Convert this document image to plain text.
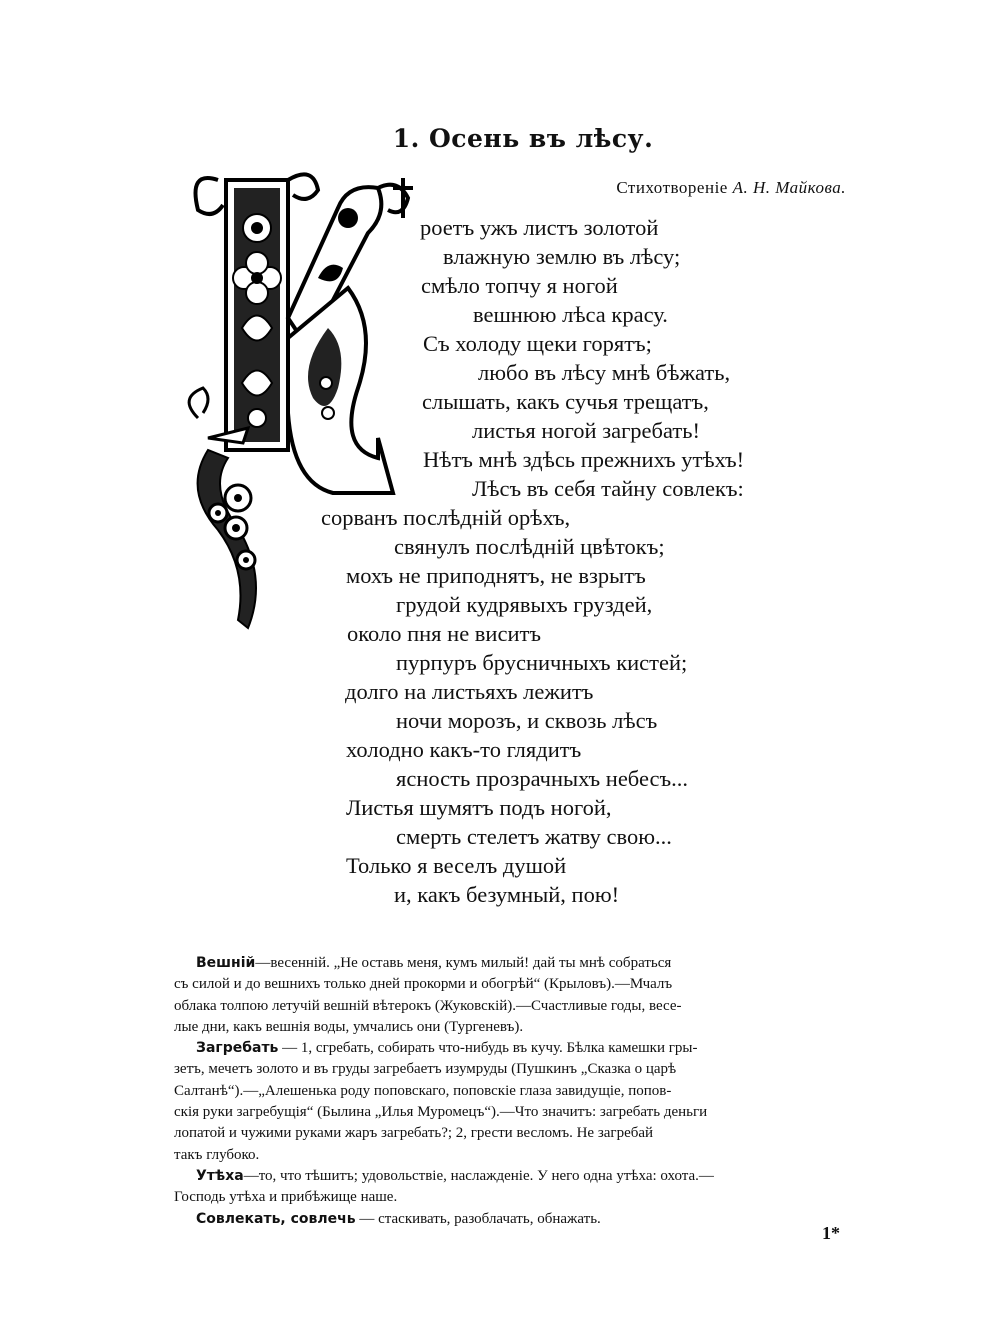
1. Осень въ лѣсу.
Стихотвореніе А. Н. Майкова.
роетъ ужъ листъ золотой
влажную землю въ лѣсу;
смѣло топчу я ногой
вешнюю лѣса красу.
Съ холоду щеки горятъ;
любо въ лѣсу мнѣ бѣжать,
слышать, какъ сучья трещатъ,
листья ногой загребать!
Нѣтъ мнѣ здѣсь прежнихъ утѣхъ!
Лѣсъ въ себя тайну совлекъ:
сорванъ послѣдній орѣхъ,
свянулъ послѣдній цвѣтокъ;
мохъ не приподнятъ, не взрытъ
грудой кудрявыхъ груздей,
около пня не виситъ
пурпуръ брусничныхъ кистей;
долго на листьяхъ лежитъ
ночи морозъ, и сквозь лѣсъ
холодно какъ-то глядитъ
ясность прозрачныхъ небесъ...
Листья шумятъ подъ ногой,
смерть стелетъ жатву свою...
Только я веселъ душой
и, какъ безумный, пою!

Вешній—весенній. „Не оставь меня, кумъ милый! дай ты мнѣ собраться
съ силой и до вешнихъ только дней прокорми и обогрѣй“ (Крыловъ).—Мчалъ
облака толпою летучій вешній вѣтерокъ (Жуковскій).—Счастливые годы, весе-
лые дни, какъ вешнія воды, умчались они (Тургеневъ).

Загребать — 1, сгребать, собирать что-нибудь въ кучу. Бѣлка камешки гры-
зетъ, мечетъ золото и въ груды загребаетъ изумруды (Пушкинъ „Сказка о царѣ
Салтанѣ“).—„Алешенька роду поповскаго, поповскіе глаза завидущіе, попов-
скія руки загребущія“ (Былина „Илья Муромецъ“).—Что значитъ: загребать деньги
лопатой и чужими руками жаръ загребать?; 2, грести весломъ. Не загребай
такъ глубоко.

Утѣха—то, что тѣшитъ; удовольствіе, наслажденіе. У него одна утѣха: охота.—
Господь утѣха и прибѣжище наше.

Совлекать, совлечь — стаскивать, разоблачать, обнажать.

1*
